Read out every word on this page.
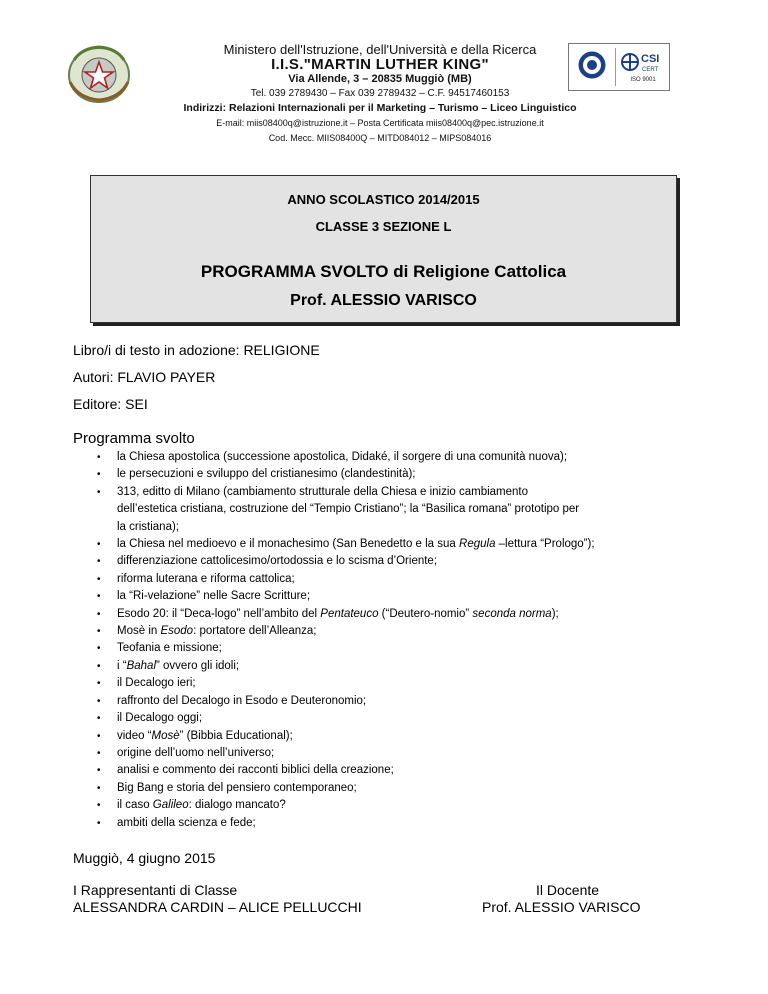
Ministero dell'Istruzione, dell'Università e della Ricerca
I.I.S."MARTIN LUTHER KING"
Via Allende, 3 – 20835 Muggiò (MB)
Tel. 039 2789430 – Fax 039 2789432 – C.F. 94517460153
Indirizzi: Relazioni Internazionali per il Marketing – Turismo – Liceo Linguistico
E-mail: miis08400q@istruzione.it – Posta Certificata miis08400q@pec.istruzione.it
Cod. Mecc. MIIS08400Q – MITD084012 – MIPS084016
CSI
CERT
ISO 9001
ANNO SCOLASTICO 2014/2015
CLASSE 3 SEZIONE L
PROGRAMMA SVOLTO di Religione Cattolica
Prof. ALESSIO VARISCO
Libro/i di testo in adozione: RELIGIONE
Autori: FLAVIO PAYER
Editore: SEI
Programma svolto
• la Chiesa apostolica (successione apostolica, Didaké, il sorgere di una comunità nuova);
• le persecuzioni e sviluppo del cristianesimo (clandestinità);
• 313, editto di Milano (cambiamento strutturale della Chiesa e inizio cambiamento
dell’estetica cristiana, costruzione del “Tempio Cristiano”; la “Basilica romana” prototipo per
la cristiana);
• la Chiesa nel medioevo e il monachesimo (San Benedetto e la sua Regula –lettura “Prologo”);
• differenziazione cattolicesimo/ortodossia e lo scisma d’Oriente;
• riforma luterana e riforma cattolica;
• la “Ri-velazione” nelle Sacre Scritture;
• Esodo 20: il “Deca-logo” nell’ambito del Pentateuco (“Deutero-nomio” seconda norma);
• Mosè in Esodo: portatore dell’Alleanza;
• Teofania e missione;
• i “Bahal” ovvero gli idoli;
• il Decalogo ieri;
• raffronto del Decalogo in Esodo e Deuteronomio;
• il Decalogo oggi;
• video “Mosè” (Bibbia Educational);
• origine dell’uomo nell’universo;
• analisi e commento dei racconti biblici della creazione;
• Big Bang e storia del pensiero contemporaneo;
• il caso Galileo: dialogo mancato?
• ambiti della scienza e fede;
Muggiò, 4 giugno 2015
I Rappresentanti di Classe
ALESSANDRA CARDIN – ALICE PELLUCCHI
Il Docente
Prof. ALESSIO VARISCO
